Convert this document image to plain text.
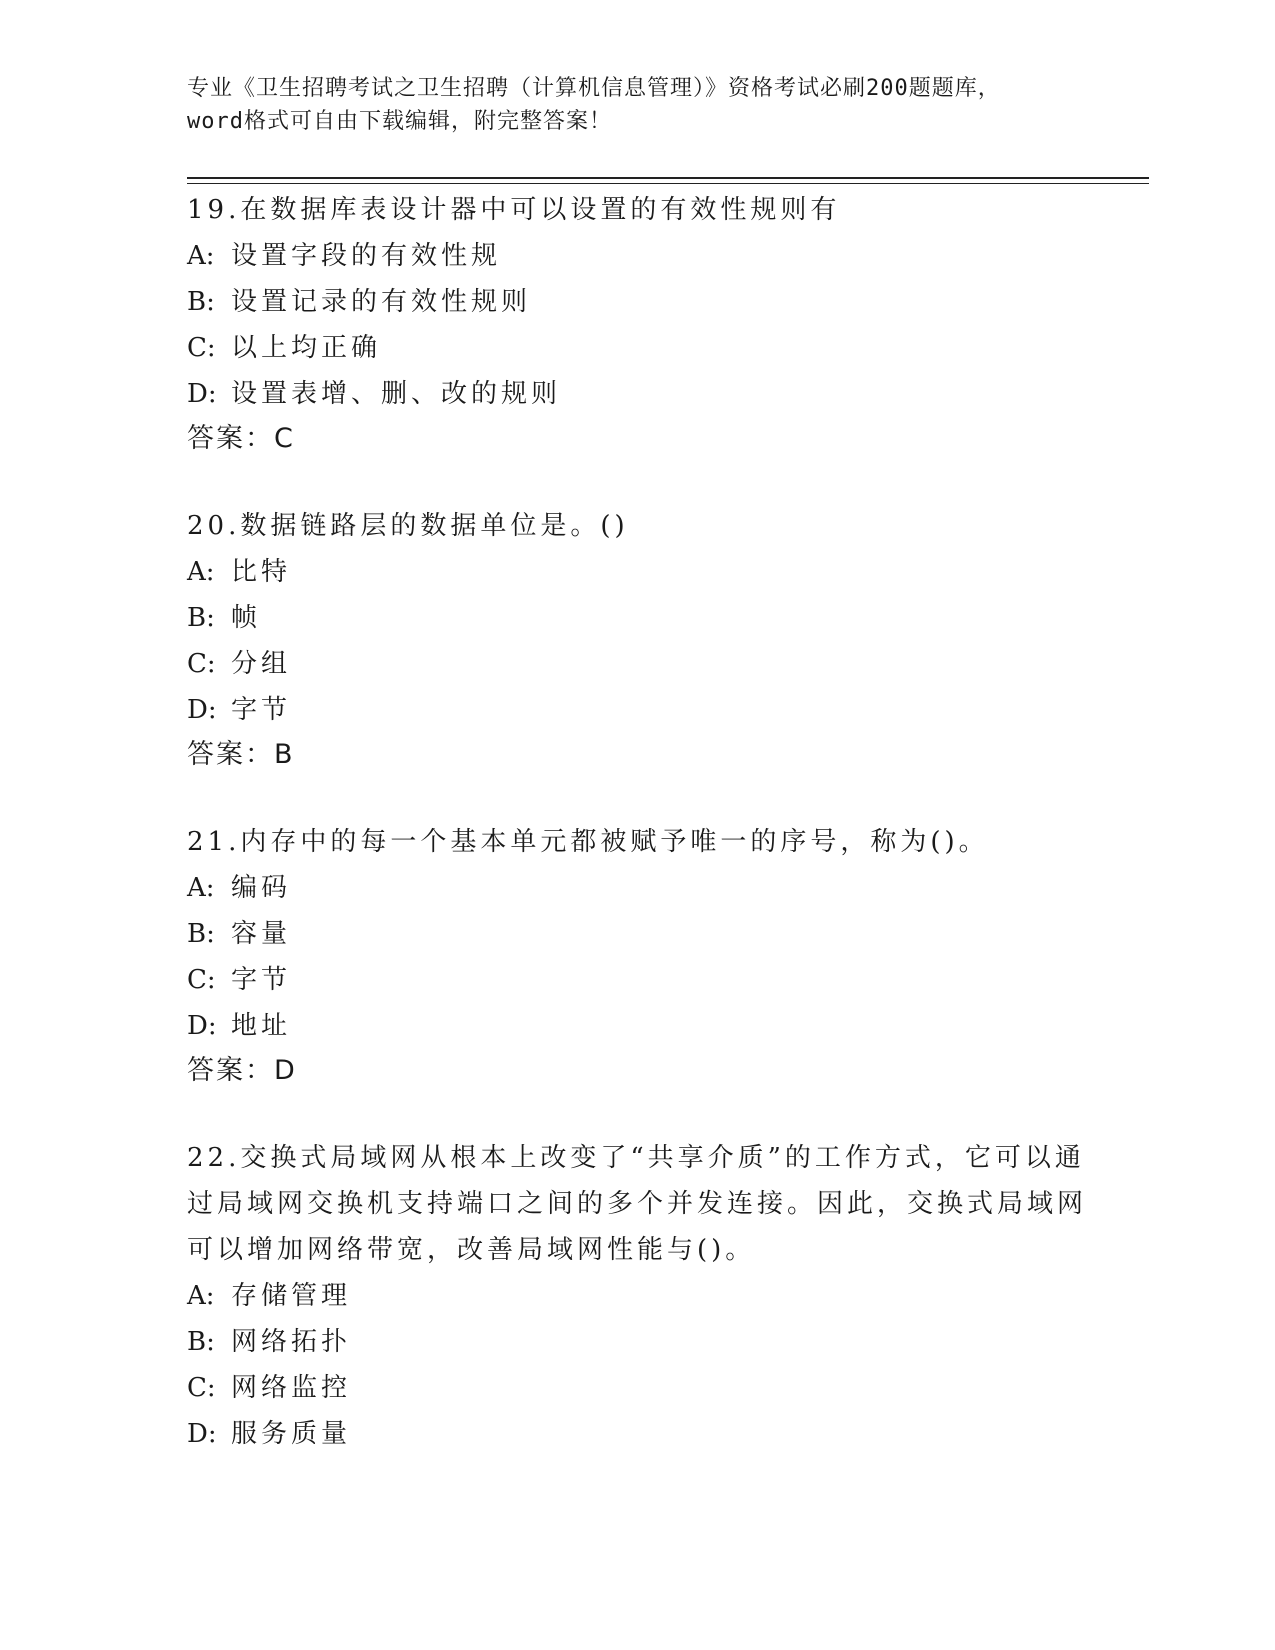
专业《卫生招聘考试之卫生招聘（计算机信息管理）》资格考试必刷200题题库，
word格式可自由下载编辑，附完整答案！
19.在数据库表设计器中可以设置的有效性规则有
A: 设置字段的有效性规
B: 设置记录的有效性规则
C: 以上均正确
D: 设置表增、删、改的规则
答案：C
20.数据链路层的数据单位是。()
A: 比特
B: 帧
C: 分组
D: 字节
答案：B
21.内存中的每一个基本单元都被赋予唯一的序号，称为()。
A: 编码
B: 容量
C: 字节
D: 地址
答案：D
22.交换式局域网从根本上改变了“共享介质”的工作方式，它可以通
过局域网交换机支持端口之间的多个并发连接。因此，交换式局域网
可以增加网络带宽，改善局域网性能与()。
A: 存储管理
B: 网络拓扑
C: 网络监控
D: 服务质量
